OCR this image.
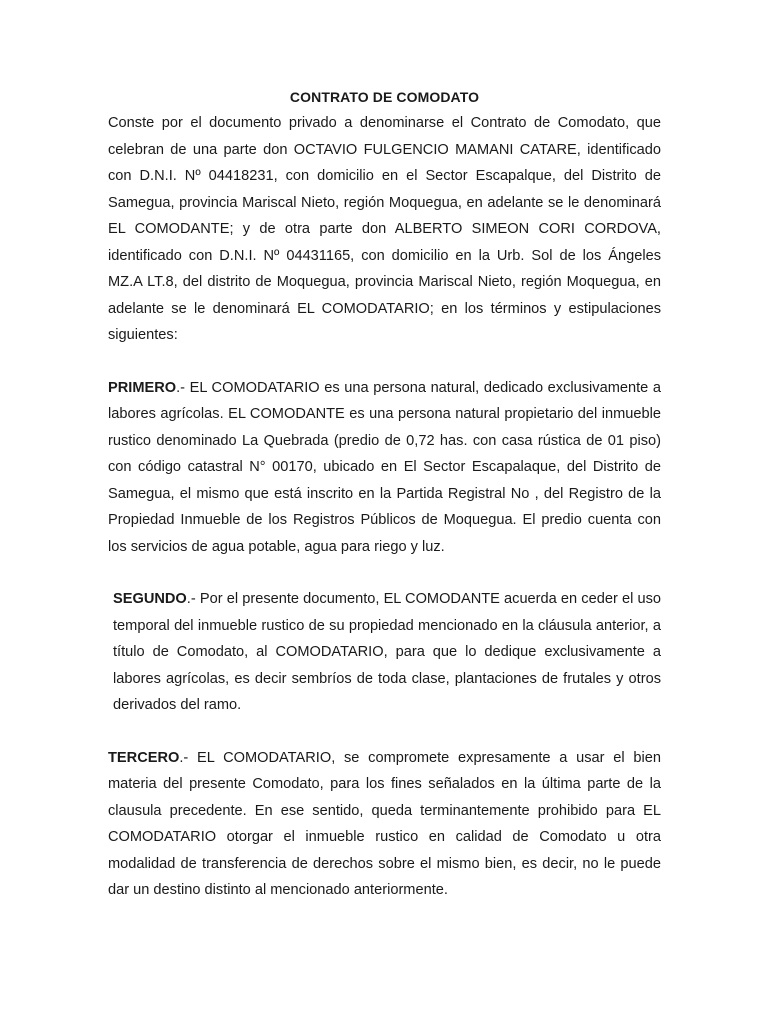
CONTRATO DE COMODATO

Conste por el documento privado a denominarse el Contrato de Comodato, que celebran de una parte don OCTAVIO FULGENCIO MAMANI CATARE, identificado con D.N.I. Nº 04418231, con domicilio en el Sector Escapalque, del Distrito de Samegua, provincia Mariscal Nieto, región Moquegua, en adelante se le denominará EL COMODANTE; y de otra parte don ALBERTO SIMEON CORI CORDOVA, identificado con D.N.I. Nº 04431165, con domicilio en la Urb. Sol de los Ángeles MZ.A LT.8, del distrito de Moquegua, provincia Mariscal Nieto, región Moquegua, en adelante se le denominará EL COMODATARIO; en los términos y estipulaciones siguientes:

PRIMERO.- EL COMODATARIO es una persona natural, dedicado exclusivamente a labores agrícolas. EL COMODANTE es una persona natural propietario del inmueble rustico denominado La Quebrada (predio de 0,72 has. con casa rústica de 01 piso) con código catastral N° 00170, ubicado en El Sector Escapalaque, del Distrito de Samegua, el mismo que está inscrito en la Partida Registral No , del Registro de la Propiedad Inmueble de los Registros Públicos de Moquegua. El predio cuenta con los servicios de agua potable, agua para riego y luz.

SEGUNDO.- Por el presente documento, EL COMODANTE acuerda en ceder el uso temporal del inmueble rustico de su propiedad mencionado en la cláusula anterior, a título de Comodato, al COMODATARIO, para que lo dedique exclusivamente a labores agrícolas, es decir sembríos de toda clase, plantaciones de frutales y otros derivados del ramo.

TERCERO.- EL COMODATARIO, se compromete expresamente a usar el bien materia del presente Comodato, para los fines señalados en la última parte de la clausula precedente. En ese sentido, queda terminantemente prohibido para EL COMODATARIO otorgar el inmueble rustico en calidad de Comodato u otra modalidad de transferencia de derechos sobre el mismo bien, es decir, no le puede dar un destino distinto al mencionado anteriormente.
